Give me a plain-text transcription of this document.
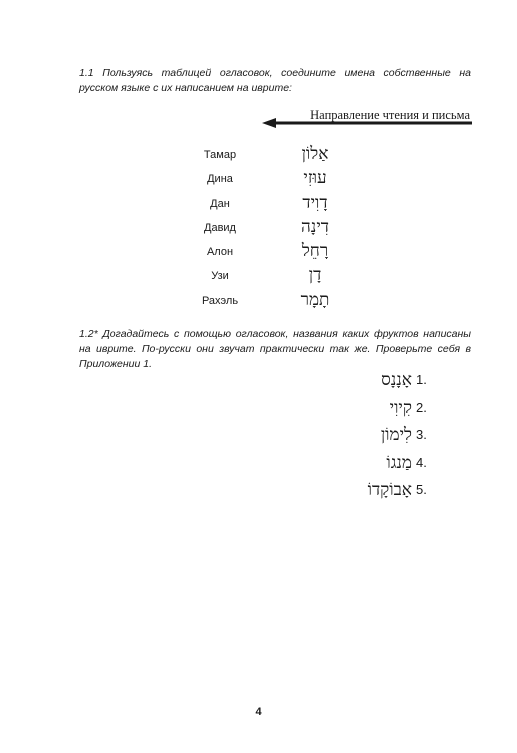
1.1 Пользуясь таблицей огласовок, соедините имена собственные на русском языке с их написанием на иврите:
Направление чтения и письма
Тамар
Дина
Дан
Давид
Алон
Узи
Рахэль
אַלוֹן
עוּזִי
דָוִיד
דִינָה
רָחֵל
דָן
תָמָר
1.2* Догадайтесь с помощью огласовок, названия каких фруктов написаны на иврите. По-русски они звучат практически так же. Проверьте себя в Приложении 1.
אָנָנָס 1.
קִיוִי 2.
לִימוֹן 3.
מַנגוֹ 4.
אָבוֹקָדוֹ 5.
4
